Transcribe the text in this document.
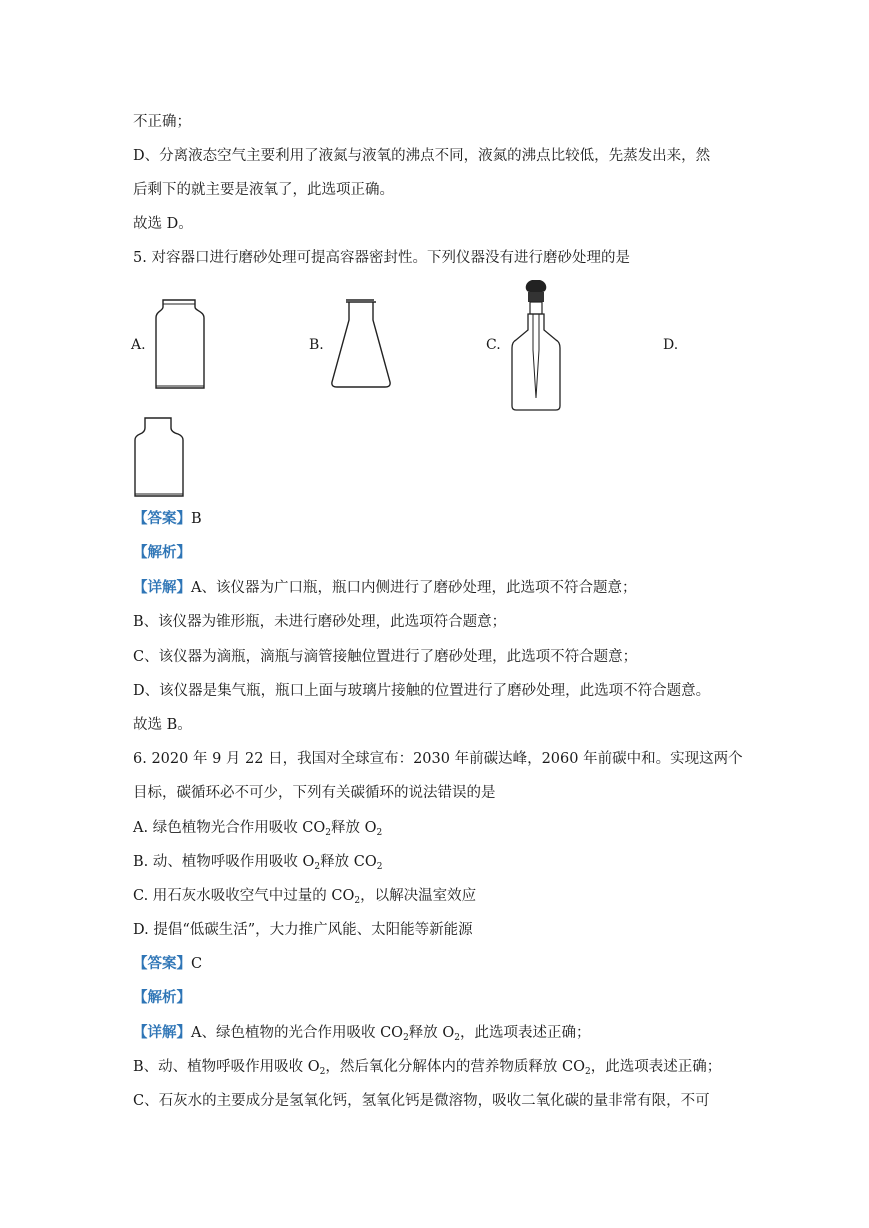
不正确；
D、分离液态空气主要利用了液氮与液氧的沸点不同，液氮的沸点比较低，先蒸发出来，然
后剩下的就主要是液氧了，此选项正确。
故选 D。
5. 对容器口进行磨砂处理可提高容器密封性。下列仪器没有进行磨砂处理的是
A.	B.	C.	D.
【答案】B
【解析】
【详解】A、该仪器为广口瓶，瓶口内侧进行了磨砂处理，此选项不符合题意；
B、该仪器为锥形瓶，未进行磨砂处理，此选项符合题意；
C、该仪器为滴瓶，滴瓶与滴管接触位置进行了磨砂处理，此选项不符合题意；
D、该仪器是集气瓶，瓶口上面与玻璃片接触的位置进行了磨砂处理，此选项不符合题意。
故选 B。
6. 2020 年 9 月 22 日，我国对全球宣布：2030 年前碳达峰，2060 年前碳中和。实现这两个
目标，碳循环必不可少，下列有关碳循环的说法错误的是
A. 绿色植物光合作用吸收 $CO_2$释放 $O_2$
B. 动、植物呼吸作用吸收 $O_2$释放 $CO_2$
C. 用石灰水吸收空气中过量的 $CO_2$，以解决温室效应
D. 提倡“低碳生活”，大力推广风能、太阳能等新能源
【答案】C
【解析】
【详解】A、绿色植物的光合作用吸收 $CO_2$释放 $O_2$，此选项表述正确；
B、动、植物呼吸作用吸收 $O_2$，然后氧化分解体内的营养物质释放 $CO_2$，此选项表述正确；
C、石灰水的主要成分是氢氧化钙，氢氧化钙是微溶物，吸收二氧化碳的量非常有限，不可
